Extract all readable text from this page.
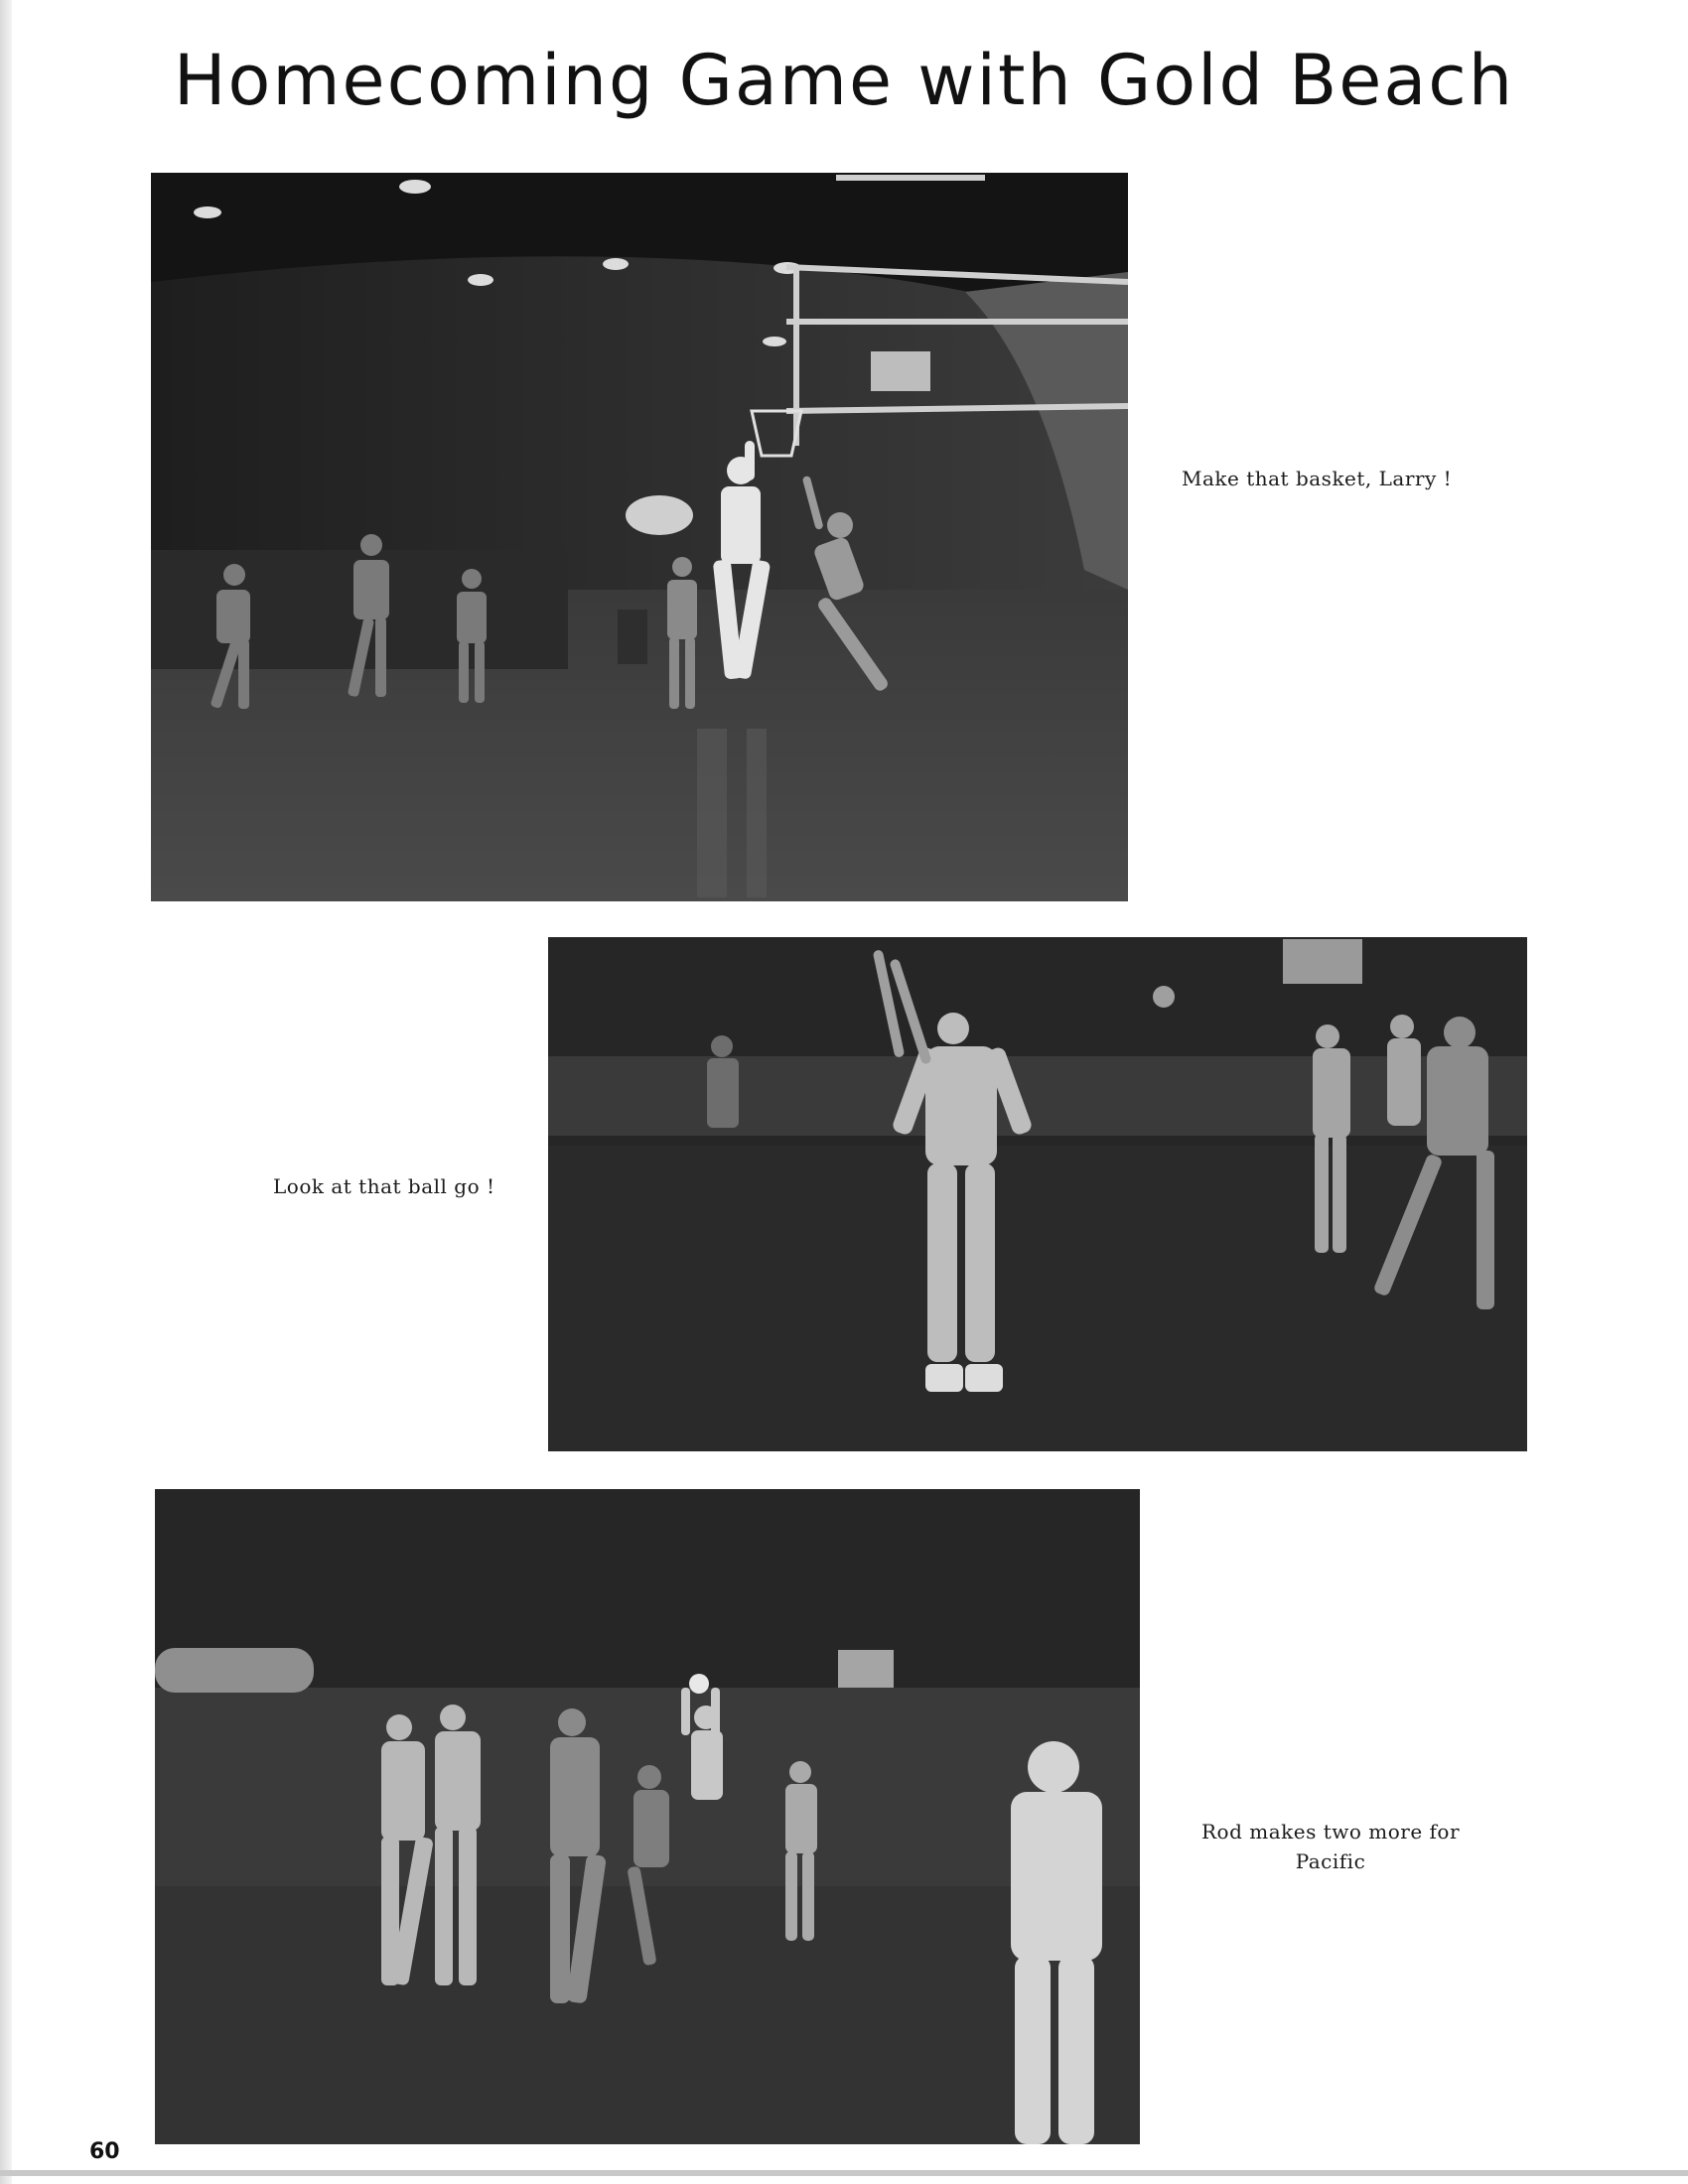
Homecoming Game with Gold Beach
Make that basket, Larry !
Look at that ball go !
Rod makes two more for
Pacific
60
